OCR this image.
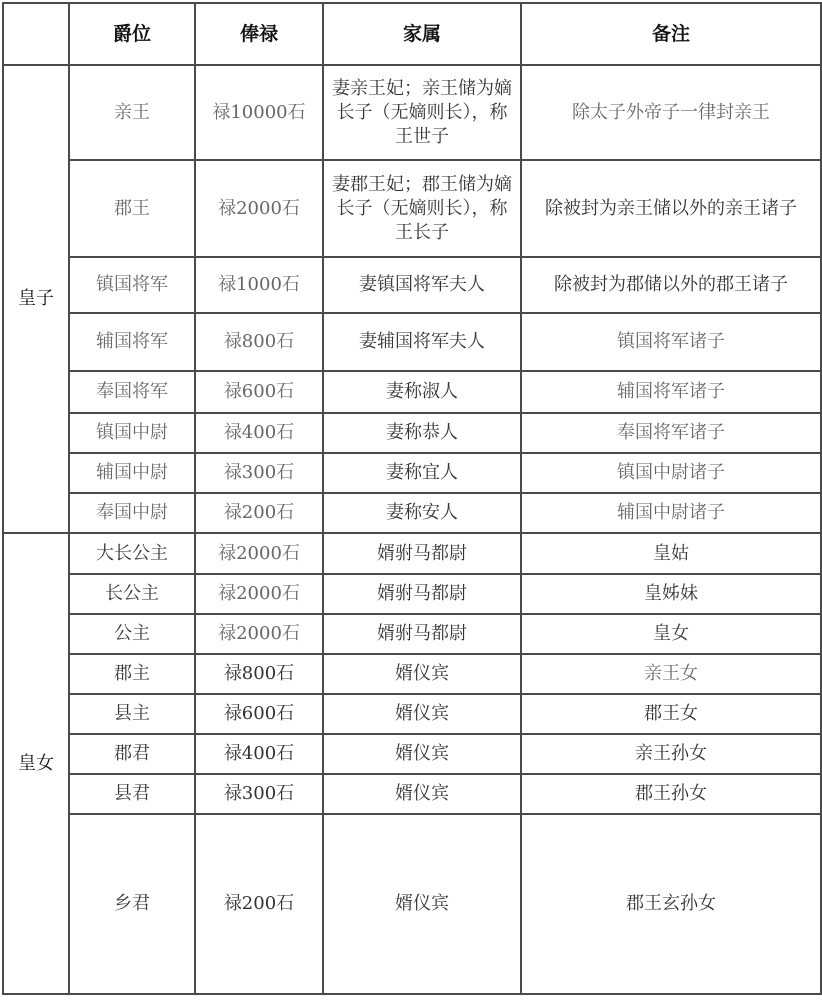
	爵位	俸禄	家属	备注
皇子	亲王	禄10000石	妻亲王妃；亲王储为嫡长子（无嫡则长），称王世子	除太子外帝子一律封亲王
	郡王	禄2000石	妻郡王妃；郡王储为嫡长子（无嫡则长），称王长子	除被封为亲王储以外的亲王诸子
	镇国将军	禄1000石	妻镇国将军夫人	除被封为郡储以外的郡王诸子
	辅国将军	禄800石	妻辅国将军夫人	镇国将军诸子
	奉国将军	禄600石	妻称淑人	辅国将军诸子
	镇国中尉	禄400石	妻称恭人	奉国将军诸子
	辅国中尉	禄300石	妻称宜人	镇国中尉诸子
	奉国中尉	禄200石	妻称安人	辅国中尉诸子
皇女	大长公主	禄2000石	婿驸马都尉	皇姑
	长公主	禄2000石	婿驸马都尉	皇姊妹
	公主	禄2000石	婿驸马都尉	皇女
	郡主	禄800石	婿仪宾	亲王女
	县主	禄600石	婿仪宾	郡王女
	郡君	禄400石	婿仪宾	亲王孙女
	县君	禄300石	婿仪宾	郡王孙女
	乡君	禄200石	婿仪宾	郡王玄孙女
